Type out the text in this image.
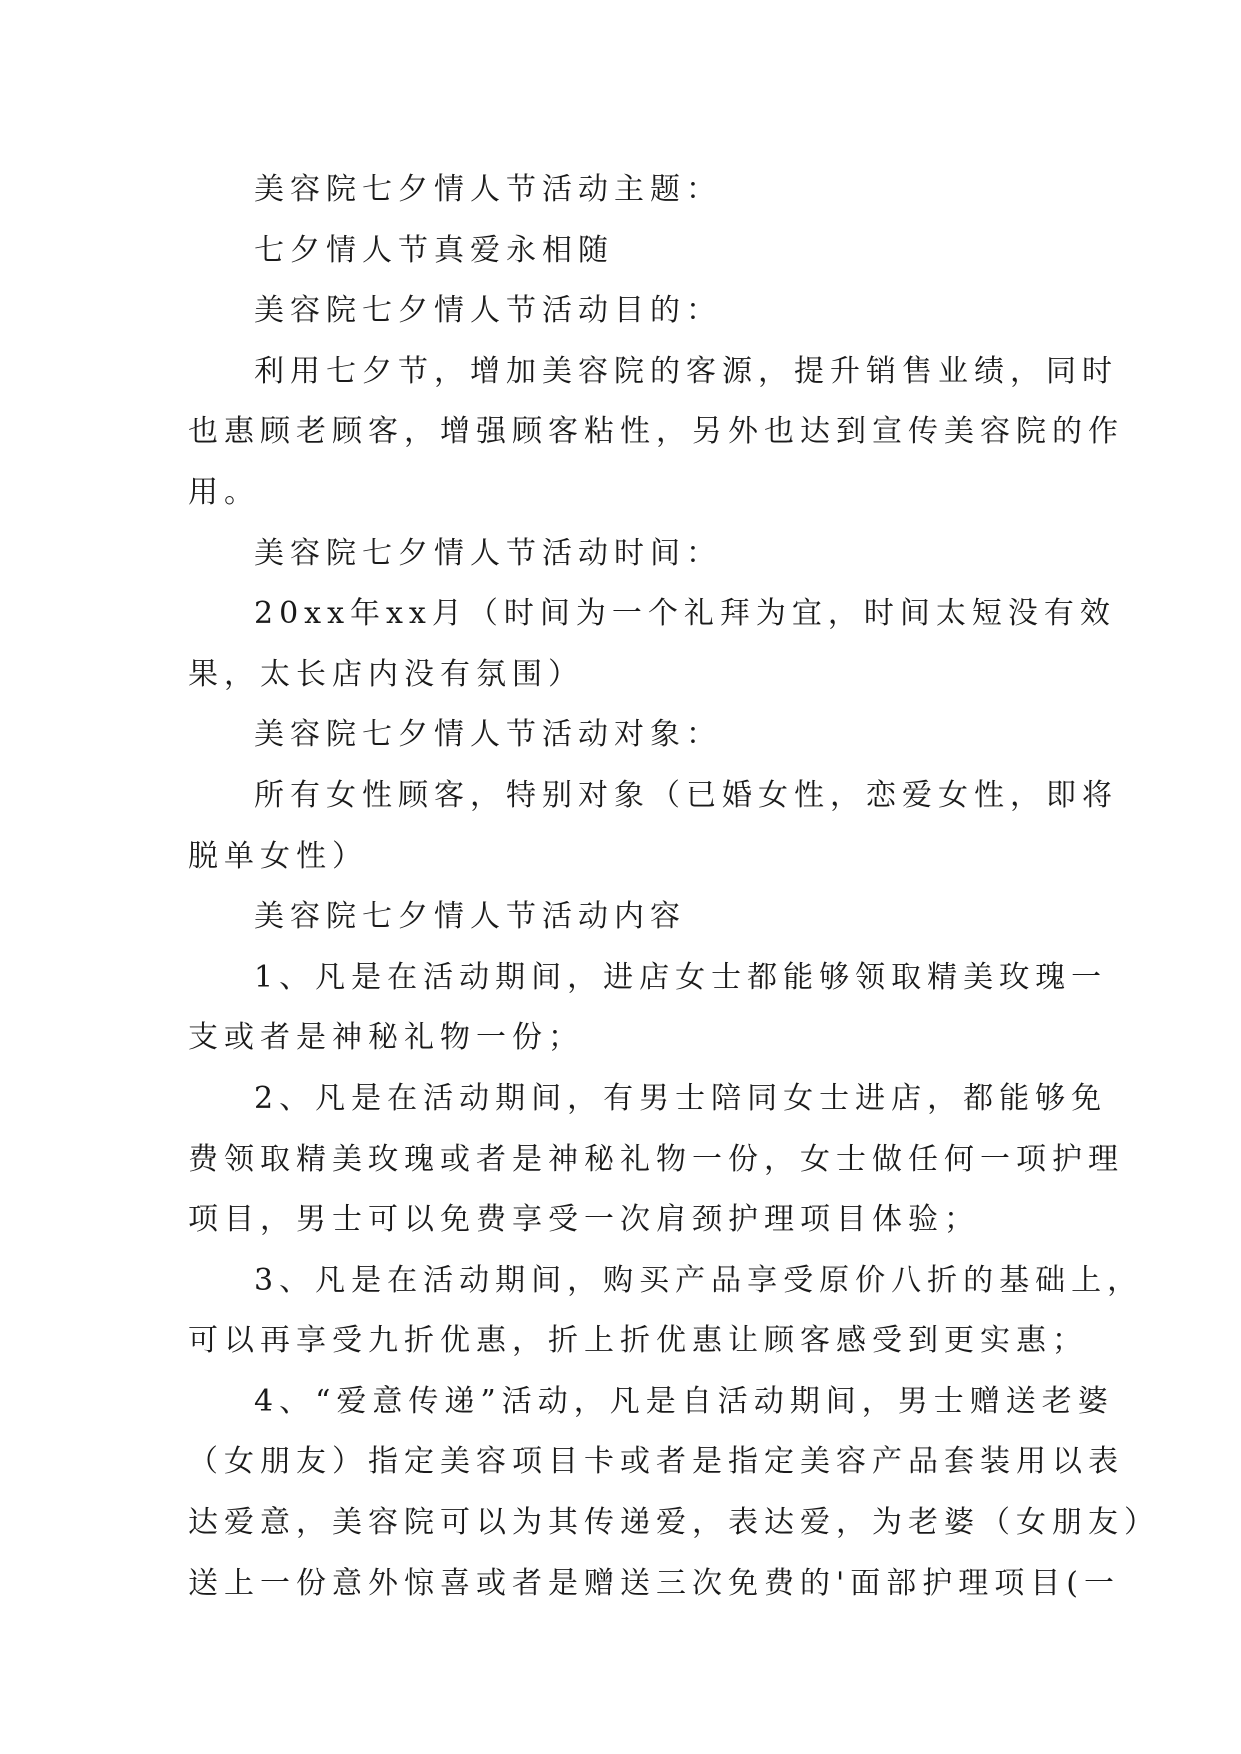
美容院七夕情人节活动主题：

七夕情人节真爱永相随

美容院七夕情人节活动目的：

利用七夕节，增加美容院的客源，提升销售业绩，同时

也惠顾老顾客，增强顾客粘性，另外也达到宣传美容院的作

用。

美容院七夕情人节活动时间：

20xx年xx月（时间为一个礼拜为宜，时间太短没有效

果，太长店内没有氛围）

美容院七夕情人节活动对象：

所有女性顾客，特别对象（已婚女性，恋爱女性，即将

脱单女性）

美容院七夕情人节活动内容

1、凡是在活动期间，进店女士都能够领取精美玫瑰一

支或者是神秘礼物一份；

2、凡是在活动期间，有男士陪同女士进店，都能够免

费领取精美玫瑰或者是神秘礼物一份，女士做任何一项护理

项目，男士可以免费享受一次肩颈护理项目体验；

3、凡是在活动期间，购买产品享受原价八折的基础上，

可以再享受九折优惠，折上折优惠让顾客感受到更实惠；

4、“爱意传递”活动，凡是自活动期间，男士赠送老婆

（女朋友）指定美容项目卡或者是指定美容产品套装用以表

达爱意，美容院可以为其传递爱，表达爱，为老婆（女朋友）

送上一份意外惊喜或者是赠送三次免费的'面部护理项目(一
